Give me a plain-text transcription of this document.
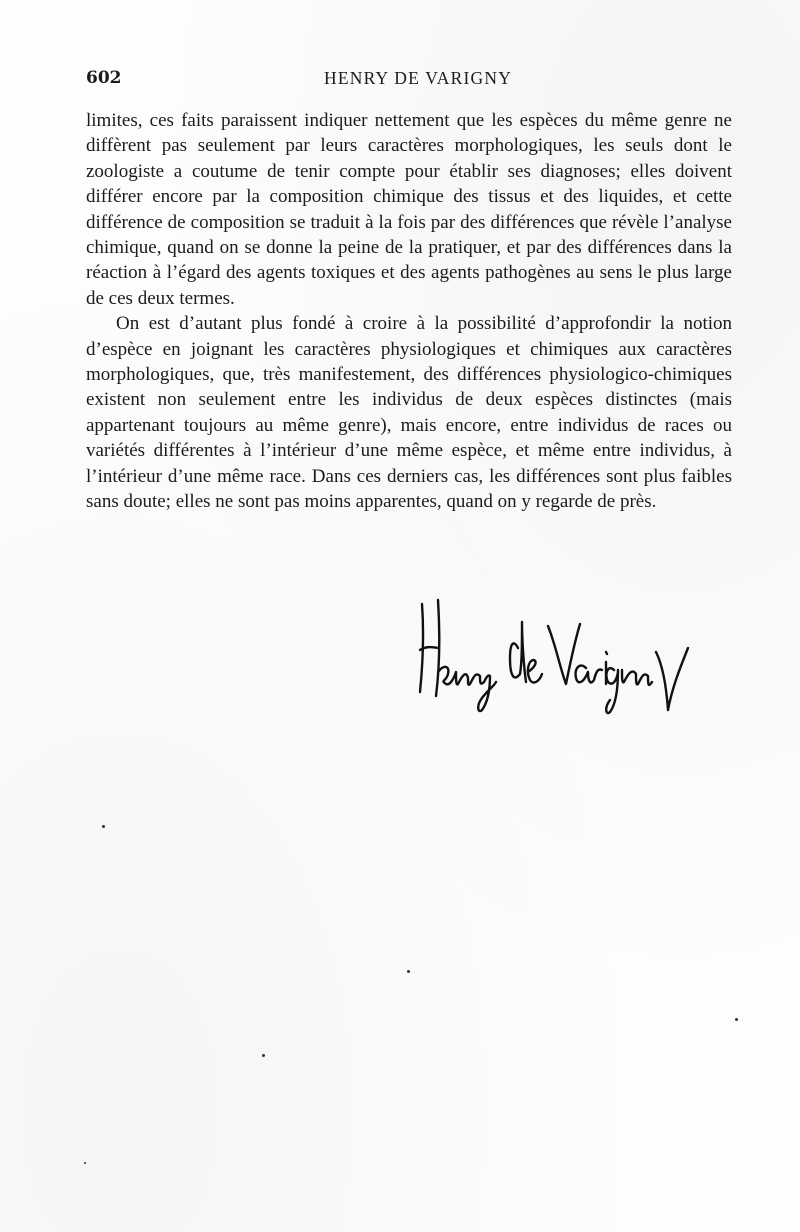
602	HENRY DE VARIGNY

limites, ces faits paraissent indiquer nettement que les espèces du même genre ne diffèrent pas seulement par leurs caractères morphologiques, les seuls dont le zoologiste a coutume de tenir compte pour établir ses diagnoses; elles doivent différer encore par la composition chimique des tissus et des liquides, et cette différence de composition se traduit à la fois par des différences que révèle l’analyse chimique, quand on se donne la peine de la pratiquer, et par des différences dans la réaction à l’égard des agents toxiques et des agents pathogènes au sens le plus large de ces deux termes.

On est d’autant plus fondé à croire à la possibilité d’approfondir la notion d’espèce en joignant les caractères physiologiques et chimiques aux caractères morphologiques, que, très manifestement, des différences physiologico-chimiques existent non seulement entre les individus de deux espèces distinctes (mais appartenant toujours au même genre), mais encore, entre individus de races ou variétés différentes à l’intérieur d’une même espèce, et même entre individus, à l’intérieur d’une même race. Dans ces derniers cas, les différences sont plus faibles sans doute; elles ne sont pas moins apparentes, quand on y regarde de près.
